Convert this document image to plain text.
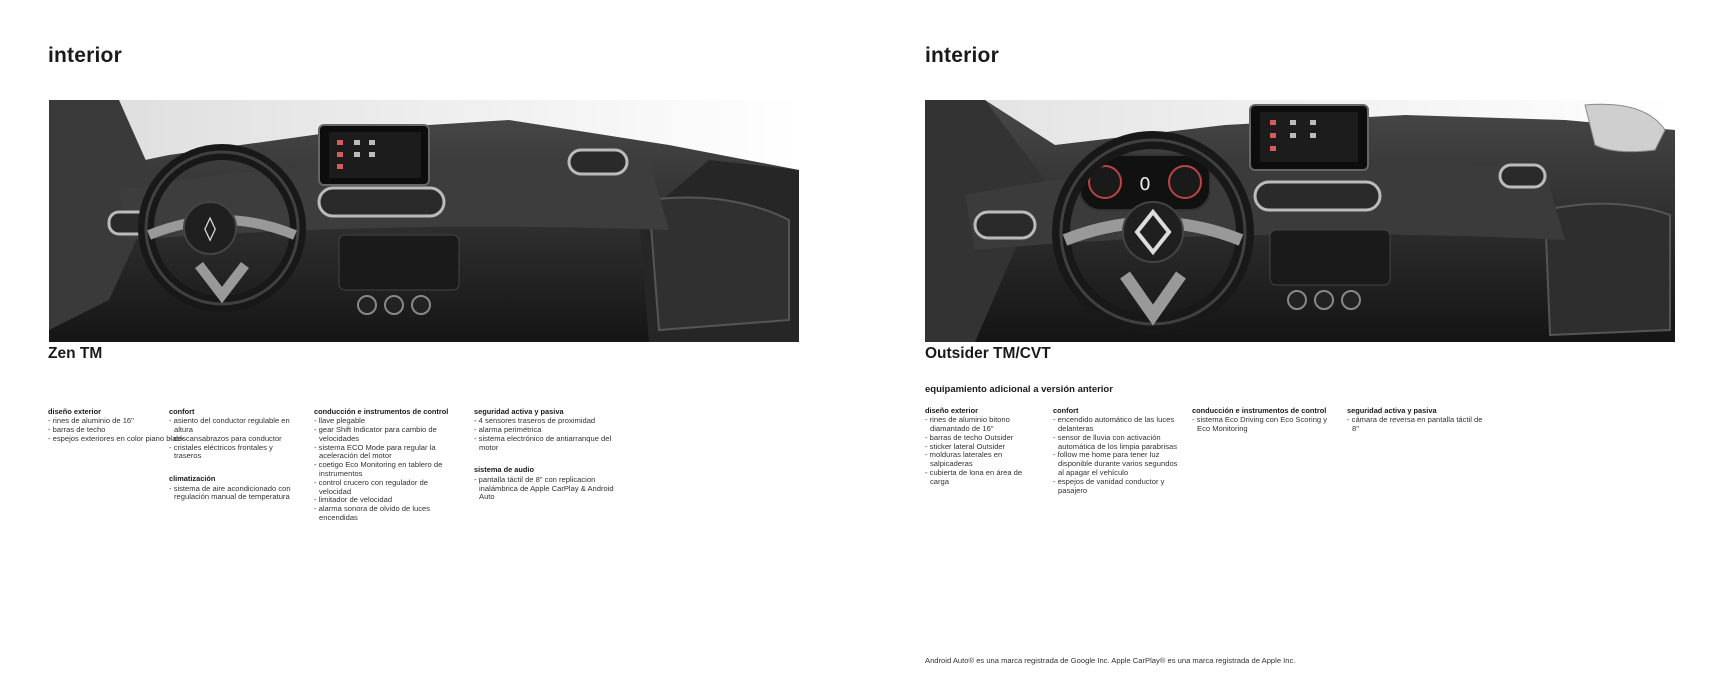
interior
◊
Zen TM
diseño exterior
- rines de aluminio de 16"
- barras de techo
- espejos exteriores en color piano black
confort
- asiento del conductor regulable en altura
- descansabrazos para conductor
- cristales eléctricos frontales y traseros
climatización
- sistema de aire acondicionado con regulación manual de temperatura
conducción e instrumentos de control
- llave plegable
- gear Shift Indicator para cambio de velocidades
- sistema ECO Mode para regular la aceleración del motor
- coetigo Eco Monitoring en tablero de instrumentos
- control crucero con regulador de velocidad
- limitador de velocidad
- alarma sonora de olvido de luces encendidas
seguridad activa y pasiva
- 4 sensores traseros de proximidad
- alarma perimétrica
- sistema electrónico de antiarranque del motor
sistema de audio
- pantalla táctil de 8" con replicacion inalámbrica de Apple CarPlay & Android Auto
interior
0
Outsider TM/CVT
equipamiento adicional a versión anterior
diseño exterior
- rines de aluminio bitono diamantado de 16"
- barras de techo Outsider
- sticker lateral Outsider
- molduras laterales en salpicaderas
- cubierta de lona en área de carga
confort
- encendido automático de las luces delanteras
- sensor de lluvia con activación automática de los limpia parabrisas
- follow me home para tener luz disponible durante varios segundos al apagar el vehículo
- espejos de vanidad conductor y pasajero
conducción e instrumentos de control
- sistema Eco Driving con Eco Scoring y Eco Monitoring
seguridad activa y pasiva
- cámara de reversa en pantalla táctil de 8"
Android Auto® es una marca registrada de Google Inc. Apple CarPlay® es una marca registrada de Apple Inc.
